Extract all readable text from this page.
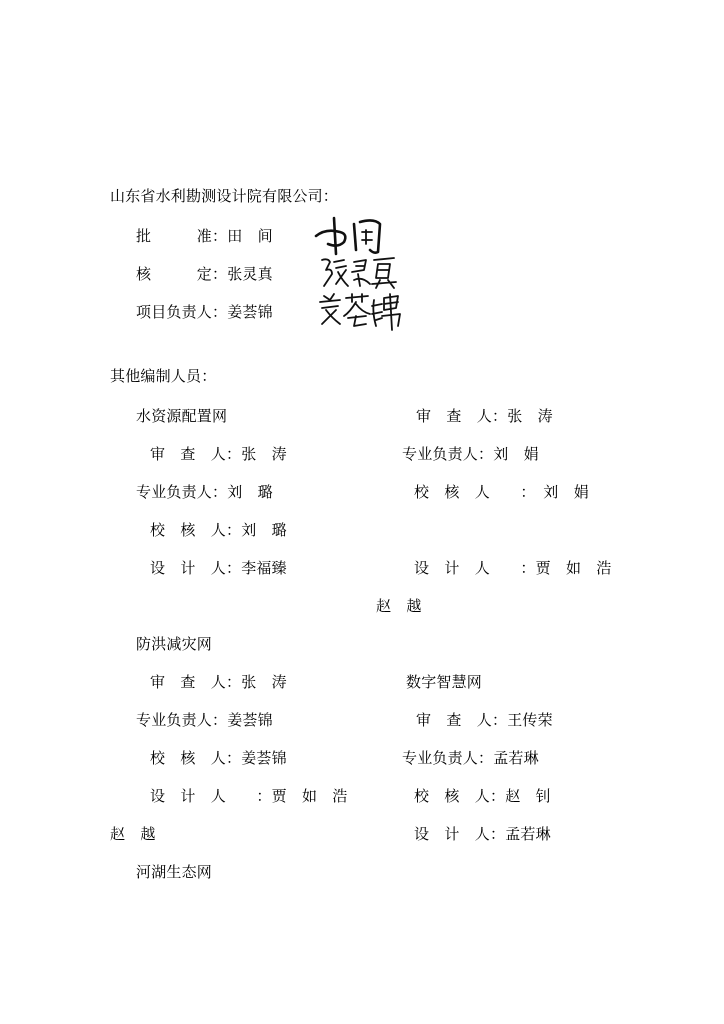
山东省水利勘测设计院有限公司：
批　　　准：田　间
核　　　定：张灵真
项目负责人：姜荟锦
其他编制人员：
水资源配置网
审　查　人：张　涛
专业负责人：刘　璐
校　核　人：刘　璐
设　计　人：李福臻
审　查　人：张　涛
专业负责人：刘　娟
校　核　人　　：　刘　娟
设　计　人　　：贾　如　浩
赵　越
防洪减灾网
审　查　人：张　涛
专业负责人：姜荟锦
校　核　人：姜荟锦
设　计　人　　：贾　如　浩
赵　越
数字智慧网
审　查　人：王传荣
专业负责人：孟若琳
校　核　人：赵　钊
设　计　人：孟若琳
河湖生态网
